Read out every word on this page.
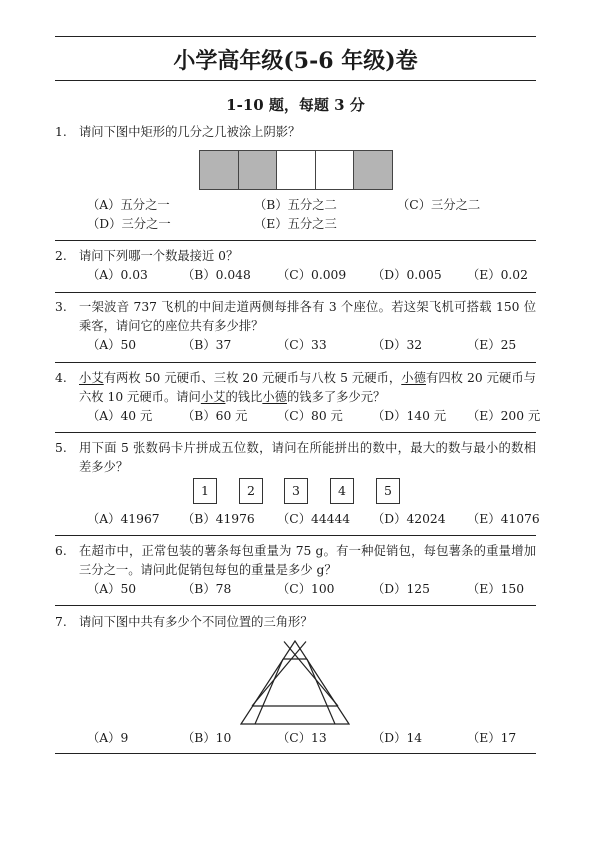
小学高年级(5-6 年级)卷
1-10 题，每题 3 分
1. 请问下图中矩形的几分之几被涂上阴影？
（A）五分之一	（B）五分之二	（C）三分之二
（D）三分之一	（E）五分之三
2. 请问下列哪一个数最接近 0？
（A）0.03	（B）0.048 （C）0.009 （D）0.005 （E）0.02
3. 一架波音 737 飞机的中间走道两侧每排各有 3 个座位。若这架飞机可搭载 150 位乘客，请问它的座位共有多少排？
（A）50	（B）37	（C）33	（D）32	（E）25
4. 小艾有两枚 50 元硬币、三枚 20 元硬币与八枚 5 元硬币，小德有四枚 20 元硬币与六枚 10 元硬币。请问小艾的钱比小德的钱多了多少元？
（A）40 元 （B）60 元 （C）80 元 （D）140 元 （E）200 元
5. 用下面 5 张数码卡片拼成五位数，请问在所能拼出的数中，最大的数与最小的数相差多少？
1	2	3	4	5
（A）41967 （B）41976 （C）44444 （D）42024 （E）41076
6. 在超市中，正常包装的薯条每包重量为 75 g。有一种促销包，每包薯条的重量增加三分之一。请问此促销包每包的重量是多少 g？
（A）50	（B）78	（C）100	（D）125	（E）150
7. 请问下图中共有多少个不同位置的三角形？
（A）9	（B）10	（C）13	（D）14	（E）17
